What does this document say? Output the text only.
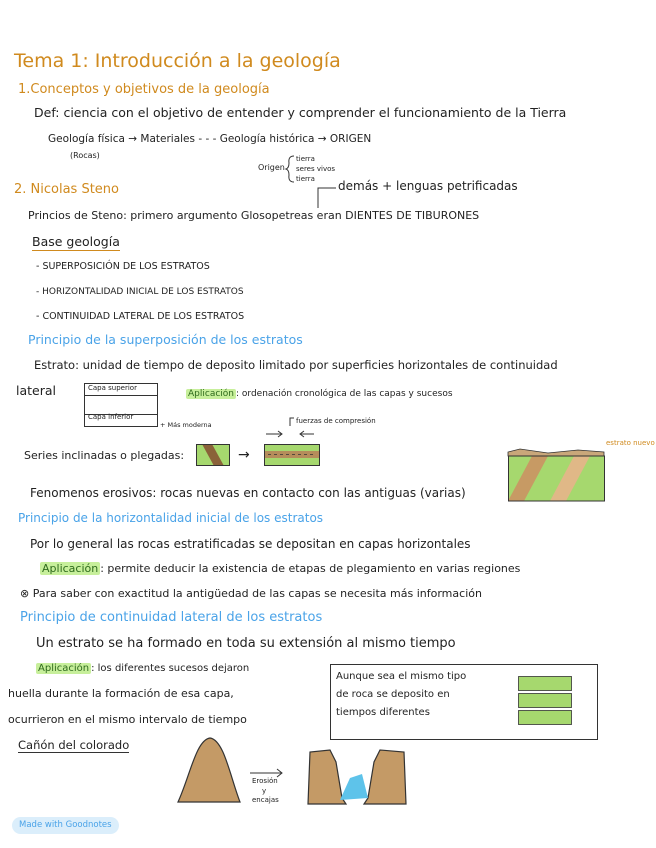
Tema 1: Introducción a la geología
1.Conceptos y objetivos de la geología
Def: ciencia con el objetivo de entender y comprender el funcionamiento de la Tierra
Geología física → Materiales - - - Geología histórica → ORIGEN
(Rocas)
Origen
tierra
seres vivos
tierra
2. Nicolas Steno	demás + lenguas petrificadas
Princios de Steno: primero argumento Glosopetreas eran DIENTES DE TIBURONES
Base geología
- SUPERPOSICIÓN DE LOS ESTRATOS
- HORIZONTALIDAD INICIAL DE LOS ESTRATOS
- CONTINUIDAD LATERAL DE LOS ESTRATOS
Principio de la superposición de los estratos
Estrato: unidad de tiempo de deposito limitado por superficies horizontales de continuidad
lateral	Capa superior
Capa inferior
+ Más moderna
Aplicación : ordenación cronológica de las capas y sucesos
fuerzas de compresión
Series inclinadas o plegadas:	→
estrato nuevo
Fenomenos erosivos: rocas nuevas en contacto con las antiguas (varias)
Principio de la horizontalidad inicial de los estratos
Por lo general las rocas estratificadas se depositan en capas horizontales
Aplicación : permite deducir la existencia de etapas de plegamiento en varias regiones
⊗ Para saber con exactitud la antigüedad de las capas se necesita más información
Principio de continuidad lateral de los estratos
Un estrato se ha formado en toda su extensión al mismo tiempo
Aplicación : los diferentes sucesos dejaron
huella durante la formación de esa capa,
ocurrieron en el mismo intervalo de tiempo
Aunque sea el mismo tipo
de roca se deposito en
tiempos diferentes
Cañón del colorado
Erosión
y
encajas
Made with Goodnotes
